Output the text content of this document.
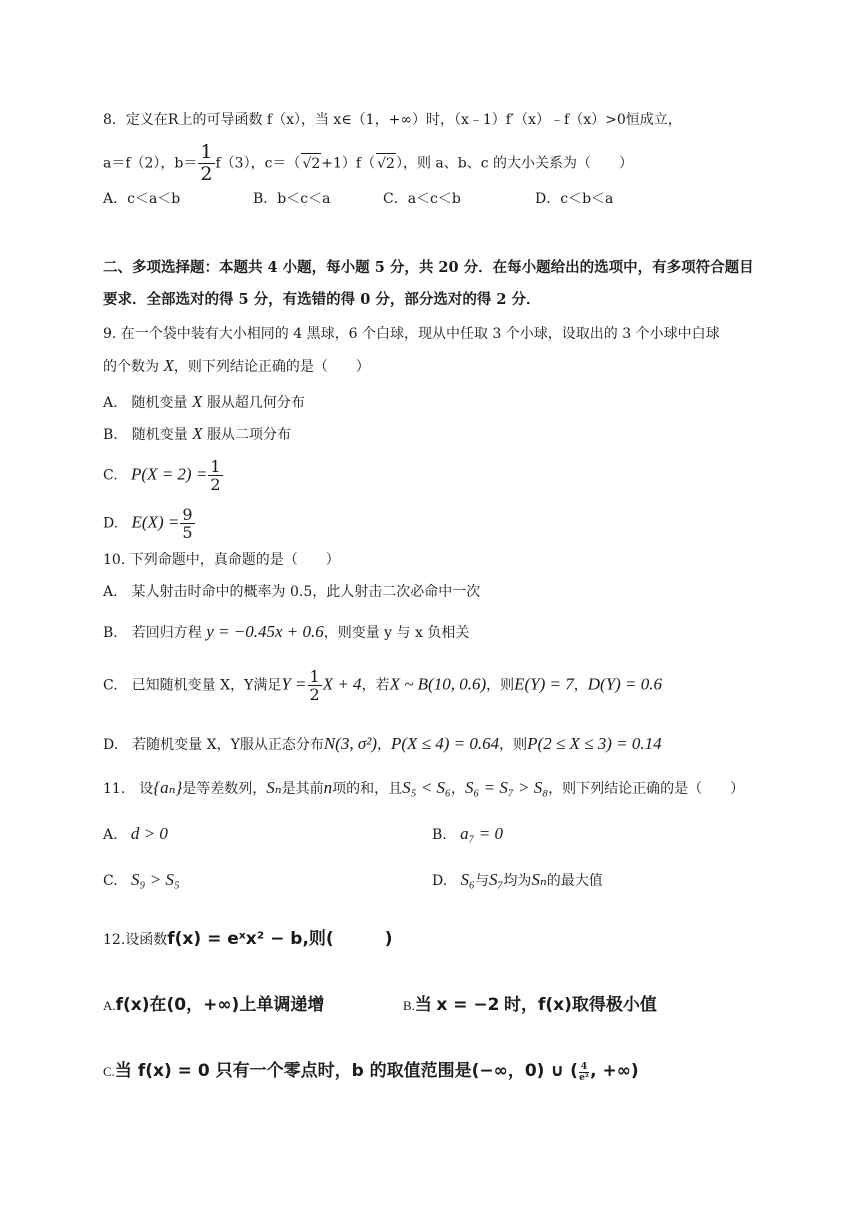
8．定义在R上的可导函数 f（x），当 x∈（1，+∞）时，（x﹣1）f′（x）﹣f（x）>0恒成立，
a＝f（2），$b= \frac{1}{2} f(3)$，c＝（ √2+1）f（ √2），则 a、b、c 的大小关系为（　　）
A．c＜a＜b	B．b＜c＜a	C．a＜c＜b	D．c＜b＜a
二、多项选择题：本题共 4 小题，每小题 5 分，共 20 分．在每小题给出的选项中，有多项符合题目
要求．全部选对的得 5 分，有选错的得 0 分，部分选对的得 2 分．
9. 在一个袋中装有大小相同的 4 黑球，6 个白球，现从中任取 3 个小球，设取出的 3 个小球中白球
的个数为 X，则下列结论正确的是（　　）
A.　随机变量 X 服从超几何分布
B.　随机变量 X 服从二项分布
C. $P(X = 2) = \frac{1}{2}$
D. $E(X) = \frac{9}{5}$
10. 下列命题中，真命题的是（　　）
A.　某人射击时命中的概率为 0.5，此人射击二次必命中一次
B.　若回归方程 y = −0.45x + 0.6，则变量 y 与 x 负相关
C.　已知随机变量 X，Y满足$Y = \frac{1}{2}$ X + 4，若X ~ B(10, 0.6)，则E(Y) = 7，D(Y) = 0.6
D.　若随机变量 X，Y服从正态分布N(3, σ²)，P(X ≤ 4) = 0.64，则P(2 ≤ X ≤ 3) = 0.14
11.　设{aₙ}是等差数列，Sₙ是其前n项的和，且S₅ < S₆，S₆ = S₇ > S₈，则下列结论正确的是（　　）
A. d > 0	B. a₇ = 0
C. S₉ > S₅	D. S₆与S₇均为Sₙ的最大值
12.设函数f(x) = eˣx² − b,则(　　　)
A.f(x)在(0，+∞)上单调递增	B.当 x = −2 时，f(x)取得极小值
C.当 f(x) = 0 只有一个零点时，b 的取值范围是(−∞，0) ∪ ( $\frac{4}{\text{e²}}$ , +∞)
